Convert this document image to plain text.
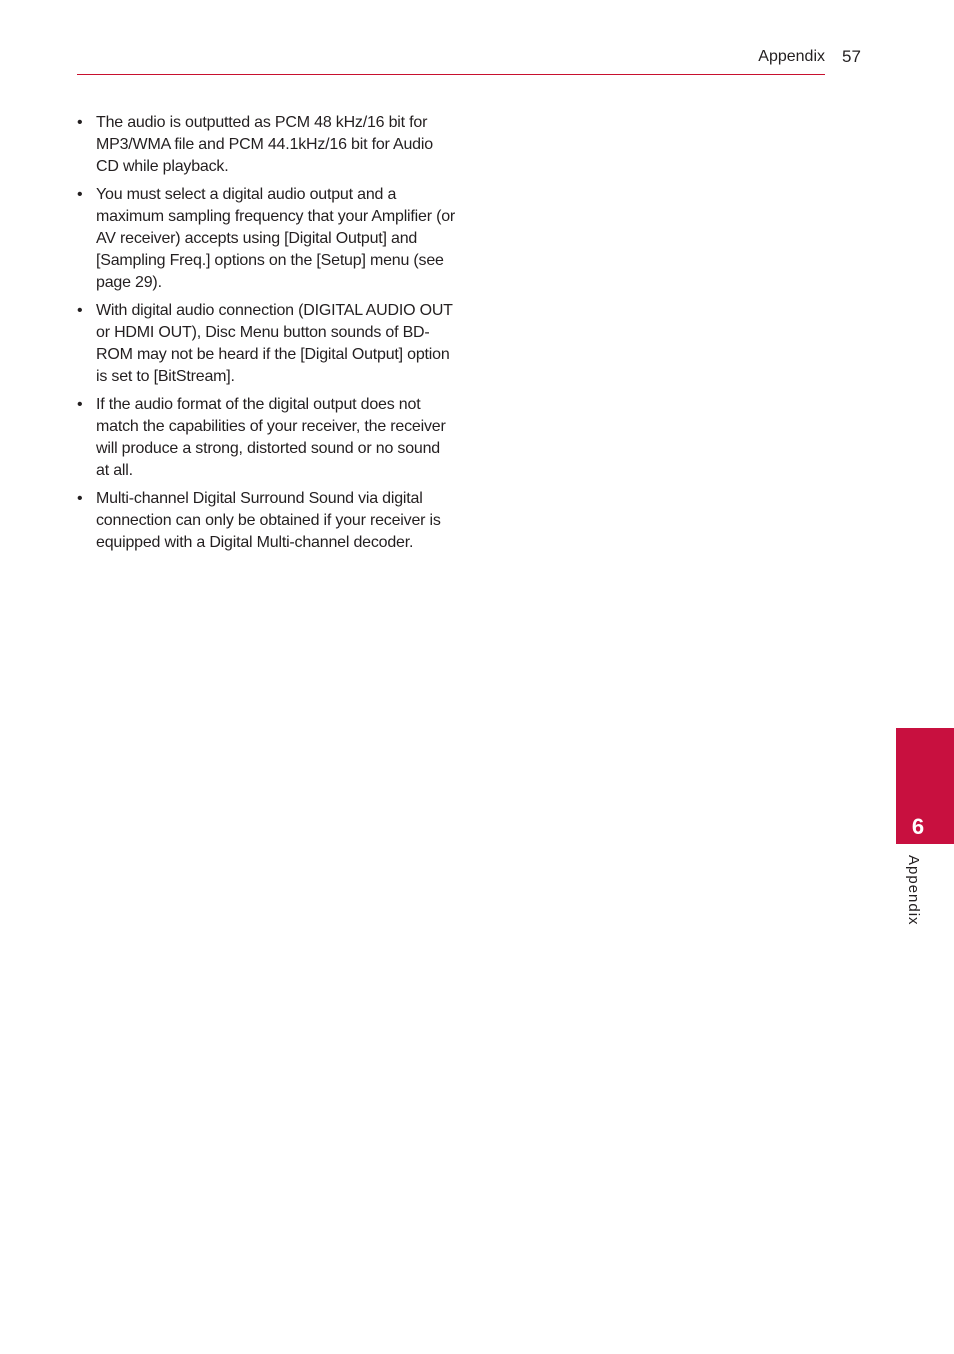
Appendix 57
• The audio is outputted as PCM 48 kHz/16 bit for MP3/WMA file and PCM 44.1kHz/16 bit for Audio CD while playback.
• You must select a digital audio output and a maximum sampling frequency that your Amplifier (or AV receiver) accepts using [Digital Output] and [Sampling Freq.] options on the [Setup] menu (see page 29).
• With digital audio connection (DIGITAL AUDIO OUT or HDMI OUT), Disc Menu button sounds of BD-ROM may not be heard if the [Digital Output] option is set to [BitStream].
• If the audio format of the digital output does not match the capabilities of your receiver, the receiver will produce a strong, distorted sound or no sound at all.
• Multi-channel Digital Surround Sound via digital connection can only be obtained if your receiver is equipped with a Digital Multi-channel decoder.
6
Appendix
